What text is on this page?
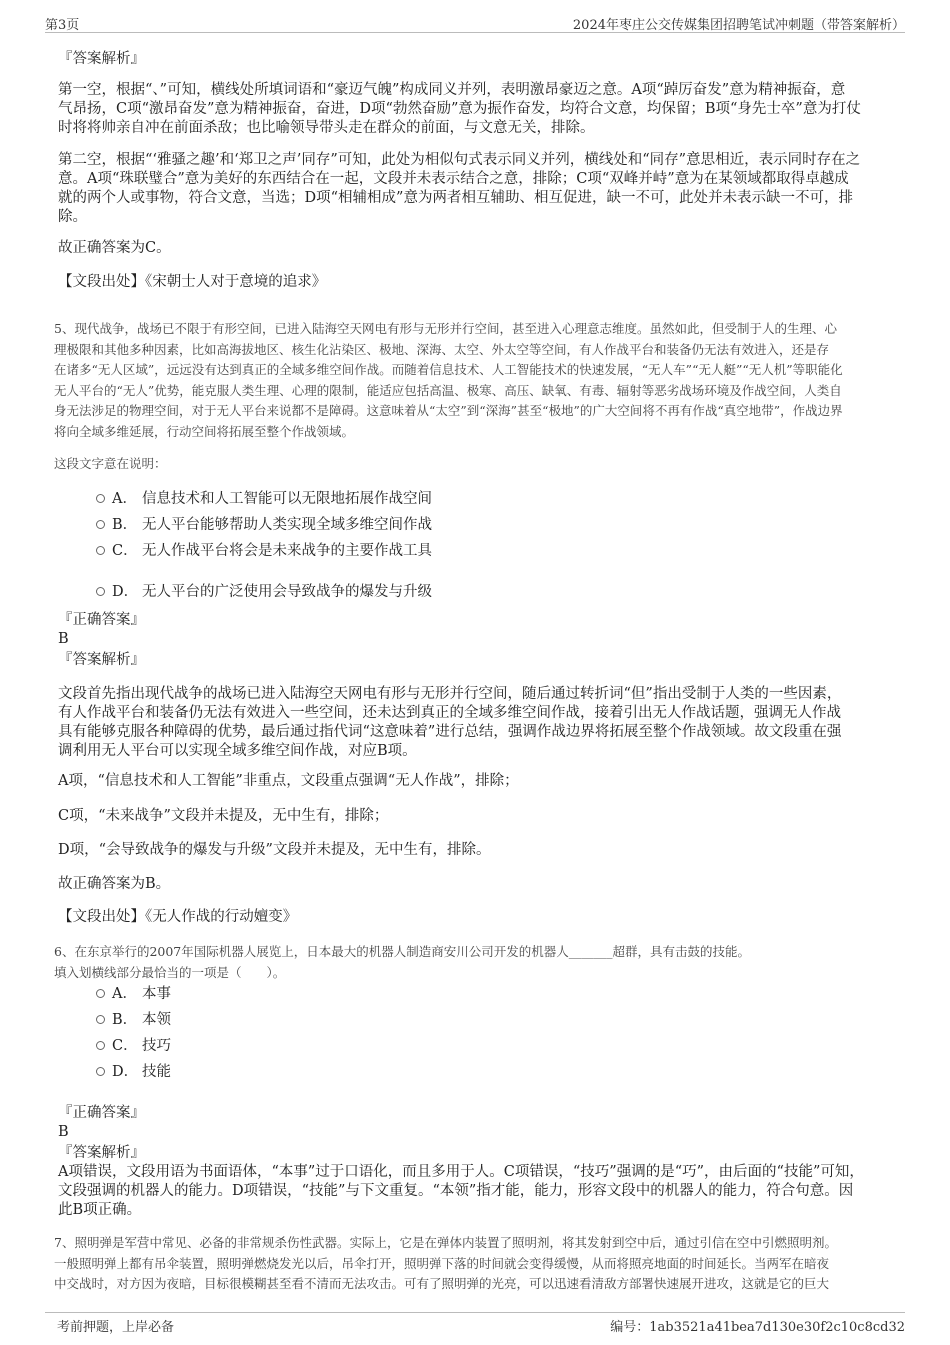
第3页	2024年枣庄公交传媒集团招聘笔试冲刺题（带答案解析）
『答案解析』
第一空，根据“、”可知，横线处所填词语和“豪迈气魄”构成同义并列，表明激昂豪迈之意。A项“踔厉奋发”意为精神振奋，意
气昂扬，C项“激昂奋发”意为精神振奋，奋进，D项“勃然奋励”意为振作奋发，均符合文意，均保留；B项“身先士卒”意为打仗
时将将帅亲自冲在前面杀敌；也比喻领导带头走在群众的前面，与文意无关，排除。
第二空，根据“‘雅骚之趣’和‘郑卫之声’同存”可知，此处为相似句式表示同义并列，横线处和“同存”意思相近，表示同时存在之
意。A项“珠联璧合”意为美好的东西结合在一起，文段并未表示结合之意，排除；C项“双峰并峙”意为在某领域都取得卓越成
就的两个人或事物，符合文意，当选；D项“相辅相成”意为两者相互辅助、相互促进，缺一不可，此处并未表示缺一不可，排
除。
故正确答案为C。
【文段出处】《宋朝士人对于意境的追求》
5、现代战争，战场已不限于有形空间，已进入陆海空天网电有形与无形并行空间，甚至进入心理意志维度。虽然如此，但受制于人的生理、心
理极限和其他多种因素，比如高海拔地区、核生化沾染区、极地、深海、太空、外太空等空间，有人作战平台和装备仍无法有效进入，还是存
在诸多“无人区域”，远远没有达到真正的全域多维空间作战。而随着信息技术、人工智能技术的快速发展，“无人车”“无人艇”“无人机”等职能化
无人平台的“无人”优势，能克服人类生理、心理的限制，能适应包括高温、极寒、高压、缺氧、有毒、辐射等恶劣战场环境及作战空间，人类自
身无法涉足的物理空间，对于无人平台来说都不是障碍。这意味着从“太空”到“深海”甚至“极地”的广大空间将不再有作战“真空地带”，作战边界
将向全域多维延展，行动空间将拓展至整个作战领域。
这段文字意在说明：
A． 信息技术和人工智能可以无限地拓展作战空间
B． 无人平台能够帮助人类实现全域多维空间作战
C． 无人作战平台将会是未来战争的主要作战工具
D． 无人平台的广泛使用会导致战争的爆发与升级
『正确答案』
B
『答案解析』
文段首先指出现代战争的战场已进入陆海空天网电有形与无形并行空间，随后通过转折词“但”指出受制于人类的一些因素，
有人作战平台和装备仍无法有效进入一些空间，还未达到真正的全域多维空间作战，接着引出无人作战话题，强调无人作战
具有能够克服各种障碍的优势，最后通过指代词“这意味着”进行总结，强调作战边界将拓展至整个作战领域。故文段重在强
调利用无人平台可以实现全域多维空间作战，对应B项。
A项，“信息技术和人工智能”非重点，文段重点强调“无人作战”，排除；
C项，“未来战争”文段并未提及，无中生有，排除；
D项，“会导致战争的爆发与升级”文段并未提及，无中生有，排除。
故正确答案为B。
【文段出处】《无人作战的行动嬗变》
6、在东京举行的2007年国际机器人展览上，日本最大的机器人制造商安川公司开发的机器人_______超群，具有击鼓的技能。
填入划横线部分最恰当的一项是（　　）。
A． 本事
B． 本领
C． 技巧
D． 技能
『正确答案』
B
『答案解析』
A项错误，文段用语为书面语体，“本事”过于口语化，而且多用于人。C项错误，“技巧”强调的是“巧”，由后面的“技能”可知，
文段强调的机器人的能力。D项错误，“技能”与下文重复。“本领”指才能，能力，形容文段中的机器人的能力，符合句意。因
此B项正确。
7、照明弹是军营中常见、必备的非常规杀伤性武器。实际上，它是在弹体内装置了照明剂，将其发射到空中后，通过引信在空中引燃照明剂。
一般照明弹上都有吊伞装置，照明弹燃烧发光以后，吊伞打开，照明弹下落的时间就会变得缓慢，从而将照亮地面的时间延长。当两军在暗夜
中交战时，对方因为夜暗，目标很模糊甚至看不清而无法攻击。可有了照明弹的光亮，可以迅速看清敌方部署快速展开进攻，这就是它的巨大
考前押题，上岸必备	编号：1ab3521a41bea7d130e30f2c10c8cd32
